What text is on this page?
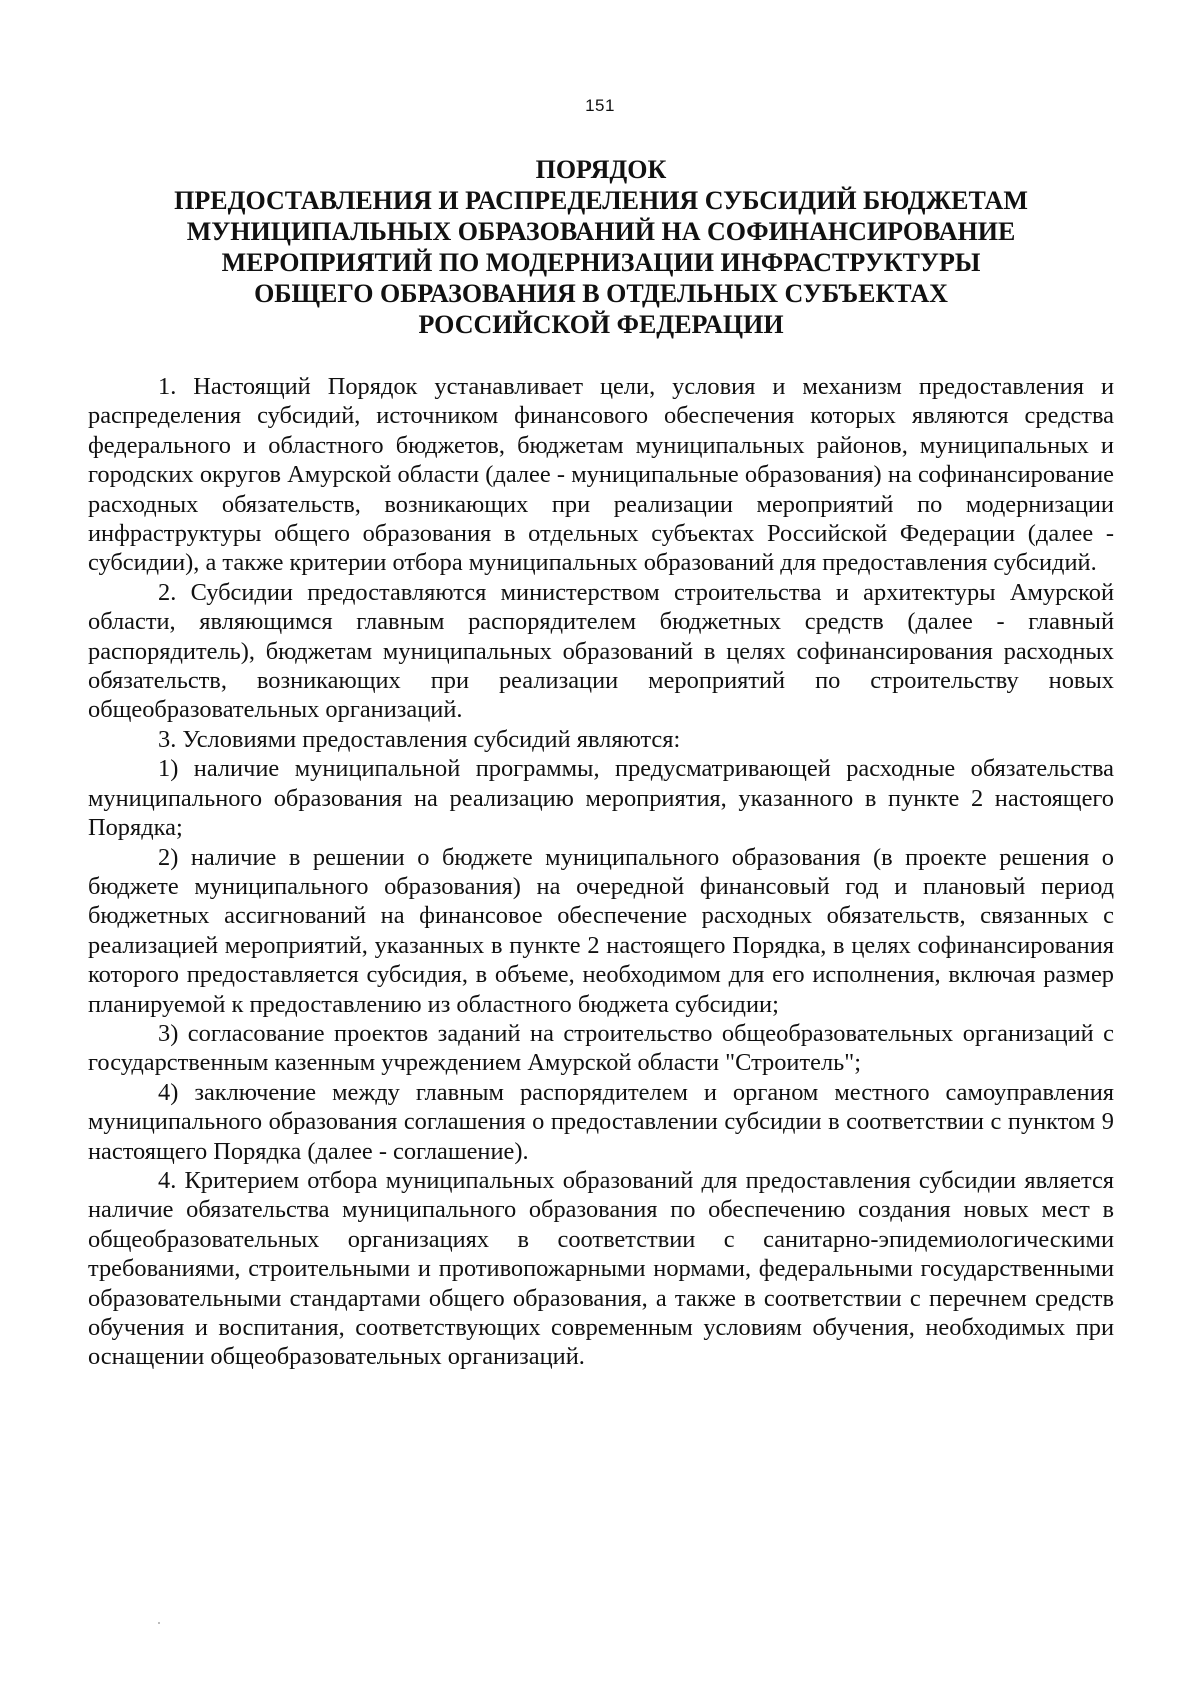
151
ПОРЯДОК
ПРЕДОСТАВЛЕНИЯ И РАСПРЕДЕЛЕНИЯ СУБСИДИЙ БЮДЖЕТАМ
МУНИЦИПАЛЬНЫХ ОБРАЗОВАНИЙ НА СОФИНАНСИРОВАНИЕ
МЕРОПРИЯТИЙ ПО МОДЕРНИЗАЦИИ ИНФРАСТРУКТУРЫ
ОБЩЕГО ОБРАЗОВАНИЯ В ОТДЕЛЬНЫХ СУБЪЕКТАХ
РОССИЙСКОЙ ФЕДЕРАЦИИ

1. Настоящий Порядок устанавливает цели, условия и механизм предоставления и распределения субсидий, источником финансового обеспечения которых являются средства федерального и областного бюджетов, бюджетам муниципальных районов, муниципальных и городских округов Амурской области (далее - муниципальные образования) на софинансирование расходных обязательств, возникающих при реализации мероприятий по модернизации инфраструктуры общего образования в отдельных субъектах Российской Федерации (далее - субсидии), а также критерии отбора муниципальных образований для предоставления субсидий.

2. Субсидии предоставляются министерством строительства и архитектуры Амурской области, являющимся главным распорядителем бюджетных средств (далее - главный распорядитель), бюджетам муниципальных образований в целях софинансирования расходных обязательств, возникающих при реализации мероприятий по строительству новых общеобразовательных организаций.

3. Условиями предоставления субсидий являются:

1) наличие муниципальной программы, предусматривающей расходные обязательства муниципального образования на реализацию мероприятия, указанного в пункте 2 настоящего Порядка;

2) наличие в решении о бюджете муниципального образования (в проекте решения о бюджете муниципального образования) на очередной финансовый год и плановый период бюджетных ассигнований на финансовое обеспечение расходных обязательств, связанных с реализацией мероприятий, указанных в пункте 2 настоящего Порядка, в целях софинансирования которого предоставляется субсидия, в объеме, необходимом для его исполнения, включая размер планируемой к предоставлению из областного бюджета субсидии;

3) согласование проектов заданий на строительство общеобразовательных организаций с государственным казенным учреждением Амурской области "Строитель";

4) заключение между главным распорядителем и органом местного самоуправления муниципального образования соглашения о предоставлении субсидии в соответствии с пунктом 9 настоящего Порядка (далее - соглашение).

4. Критерием отбора муниципальных образований для предоставления субсидии является наличие обязательства муниципального образования по обеспечению создания новых мест в общеобразовательных организациях в соответствии с санитарно-эпидемиологическими требованиями, строительными и противопожарными нормами, федеральными государственными образовательными стандартами общего образования, а также в соответствии с перечнем средств обучения и воспитания, соответствующих современным условиям обучения, необходимых при оснащении общеобразовательных организаций.
